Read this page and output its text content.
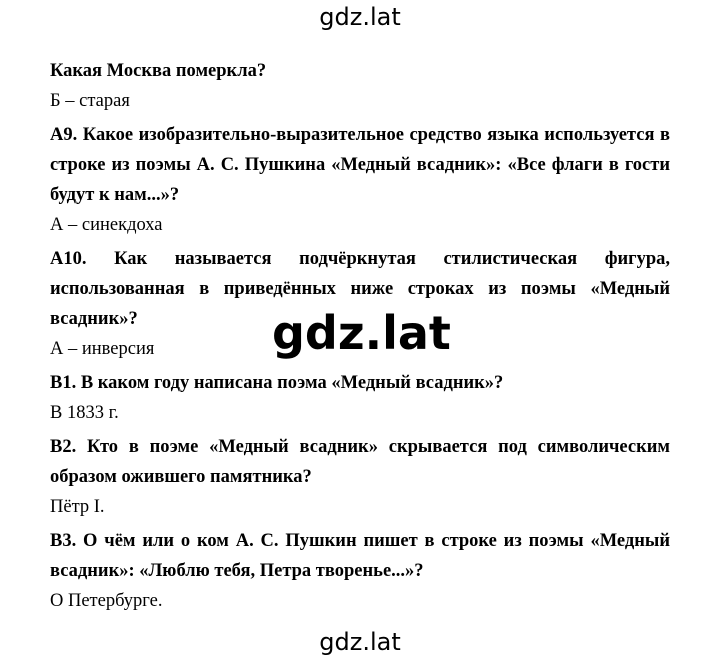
gdz.lat

Какая Москва померкла?

Б – старая

А9. Какое изобразительно-выразительное средство языка используется в строке из поэмы А. С. Пушкина «Медный всадник»: «Все флаги в гости будут к нам...»?

А – синекдоха

А10. Как называется подчёркнутая стилистическая фигура, использованная в приведённых ниже строках из поэмы «Медный всадник»?

А – инверсия

В1. В каком году написана поэма «Медный всадник»?

В 1833 г.

В2. Кто в поэме «Медный всадник» скрывается под символическим образом ожившего памятника?

Пётр I.

В3. О чём или о ком А. С. Пушкин пишет в строке из поэмы «Медный всадник»: «Люблю тебя, Петра творенье...»?

О Петербурге.

gdz.lat
gdz.lat
